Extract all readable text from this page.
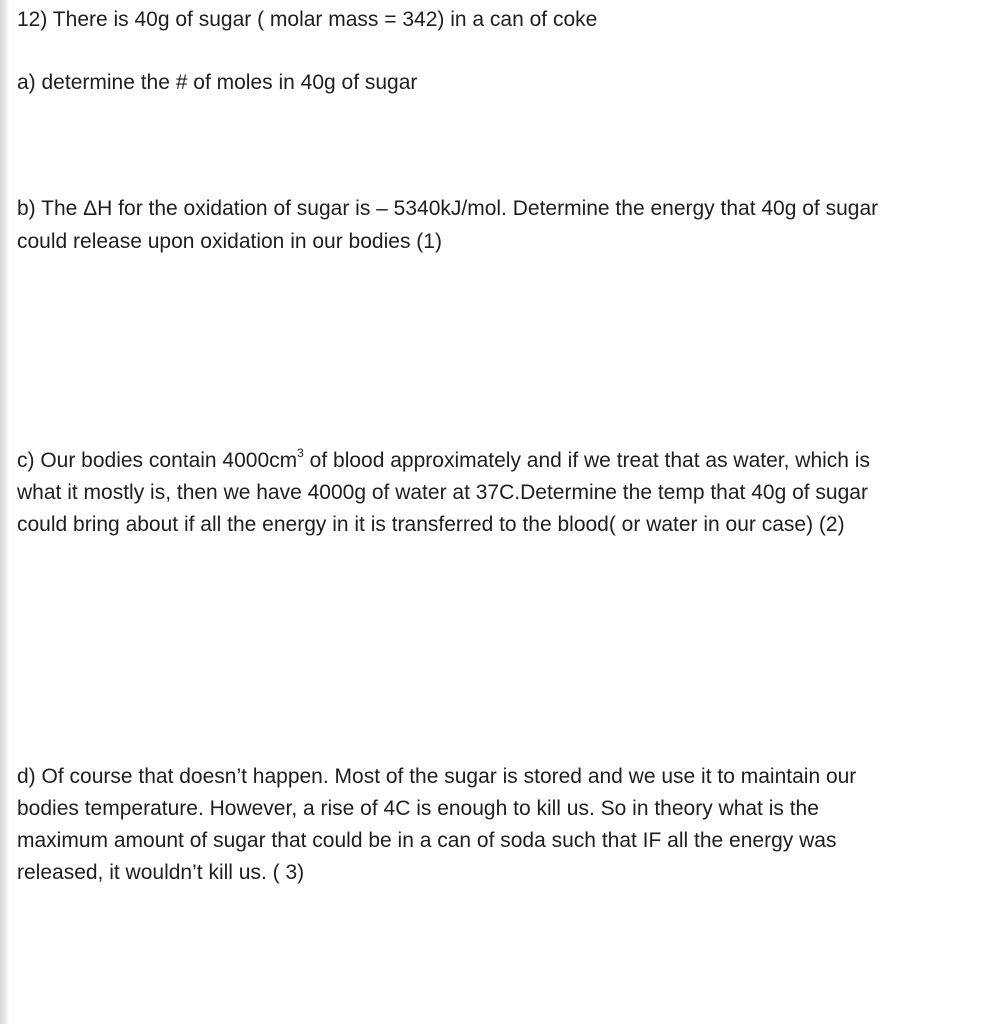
12) There is 40g of sugar ( molar mass = 342) in a can of coke

a) determine the # of moles in 40g of sugar

b) The ΔH for the oxidation of sugar is – 5340kJ/mol. Determine the energy that 40g of sugar

could release upon oxidation in our bodies (1)

c) Our bodies contain $4000cm^3$ of blood approximately and if we treat that as water, which is

what it mostly is, then we have 4000g of water at 37C.Determine the temp that 40g of sugar

could bring about if all the energy in it is transferred to the blood( or water in our case) (2)

d) Of course that doesn’t happen. Most of the sugar is stored and we use it to maintain our

bodies temperature. However, a rise of 4C is enough to kill us. So in theory what is the

maximum amount of sugar that could be in a can of soda such that IF all the energy was

released, it wouldn’t kill us. ( 3)
